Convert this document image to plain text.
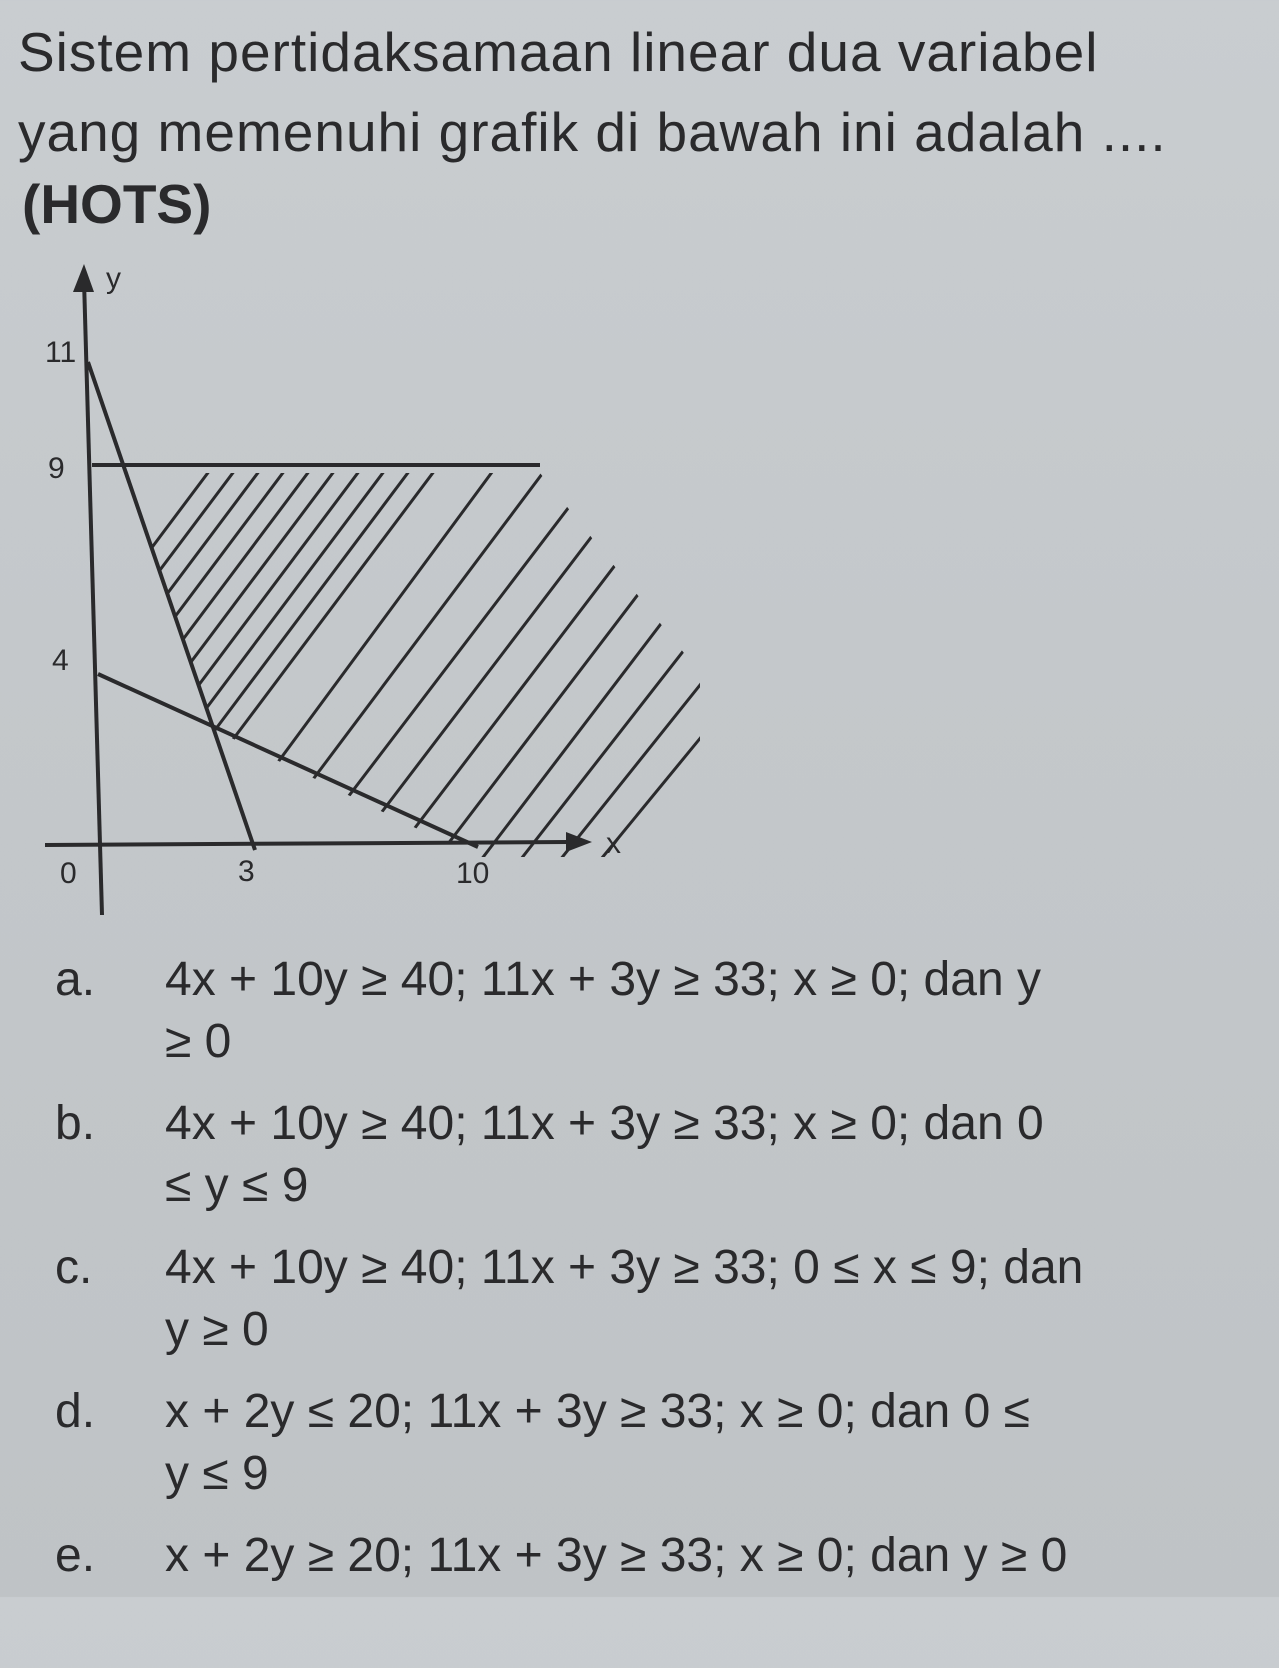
Sistem pertidaksamaan linear dua variabel
yang memenuhi grafik di bawah ini adalah ....
(HOTS)
y
x
0
11
9
4
3	10
a. 4x + 10y ≥ 40; 11x + 3y ≥ 33; x ≥ 0; dan y
≥ 0
b. 4x + 10y ≥ 40; 11x + 3y ≥ 33; x ≥ 0; dan 0
≤ y ≤ 9
c. 4x + 10y ≥ 40; 11x + 3y ≥ 33; 0 ≤ x ≤ 9; dan
y ≥ 0
d. x + 2y ≤ 20; 11x + 3y ≥ 33; x ≥ 0; dan 0 ≤
y ≤ 9
e. x + 2y ≥ 20; 11x + 3y ≥ 33; x ≥ 0; dan y ≥ 0
